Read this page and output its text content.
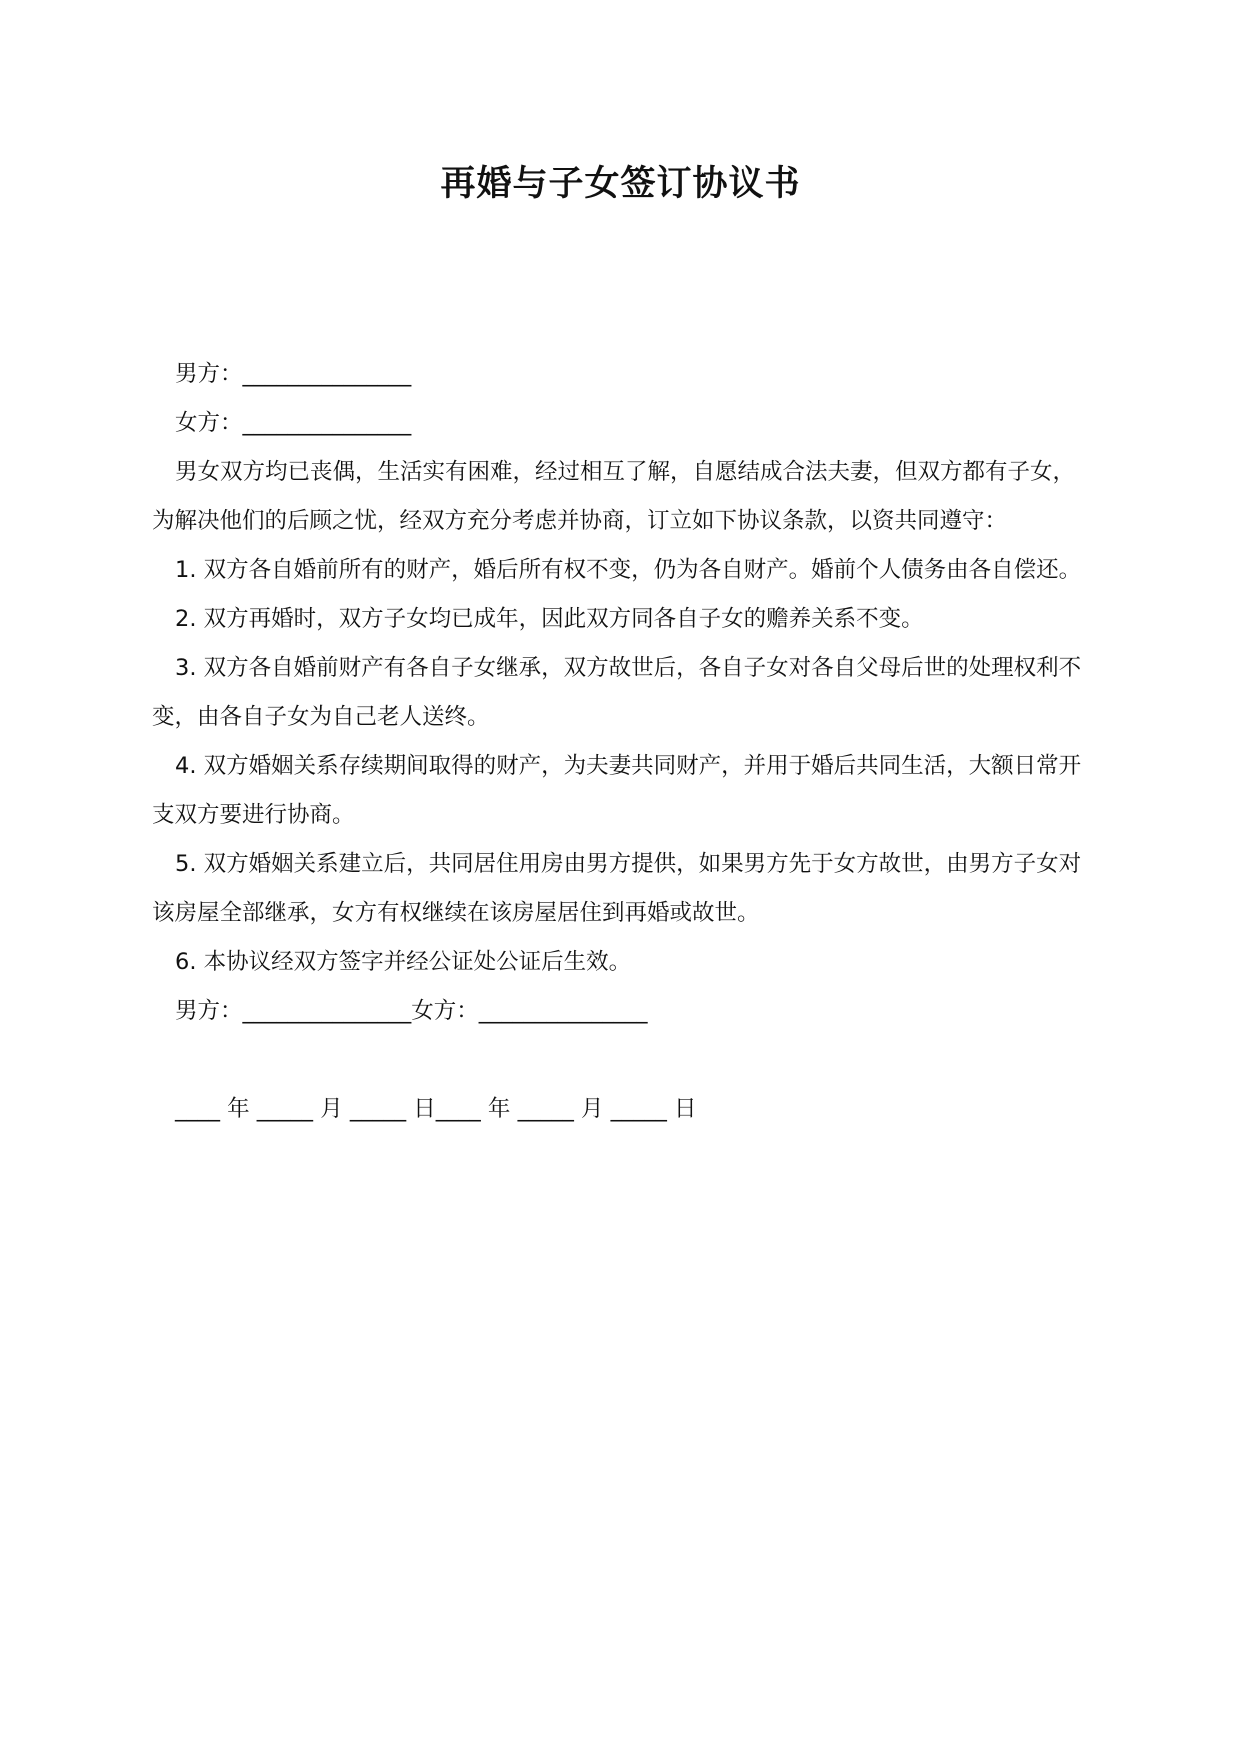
再婚与子女签订协议书

男方：_______________

女方：_______________

男女双方均已丧偶，生活实有困难，经过相互了解，自愿结成合法夫妻，但双方都有子女，为解决他们的后顾之忧，经双方充分考虑并协商，订立如下协议条款，以资共同遵守：

1. 双方各自婚前所有的财产，婚后所有权不变，仍为各自财产。婚前个人债务由各自偿还。

2. 双方再婚时，双方子女均已成年，因此双方同各自子女的赡养关系不变。

3. 双方各自婚前财产有各自子女继承，双方故世后，各自子女对各自父母后世的处理权利不变，由各自子女为自己老人送终。

4. 双方婚姻关系存续期间取得的财产，为夫妻共同财产，并用于婚后共同生活，大额日常开支双方要进行协商。

5. 双方婚姻关系建立后，共同居住用房由男方提供，如果男方先于女方故世，由男方子女对该房屋全部继承，女方有权继续在该房屋居住到再婚或故世。

6. 本协议经双方签字并经公证处公证后生效。

男方：_______________女方：_______________

____ 年 _____ 月 _____ 日____ 年 _____ 月 _____ 日
